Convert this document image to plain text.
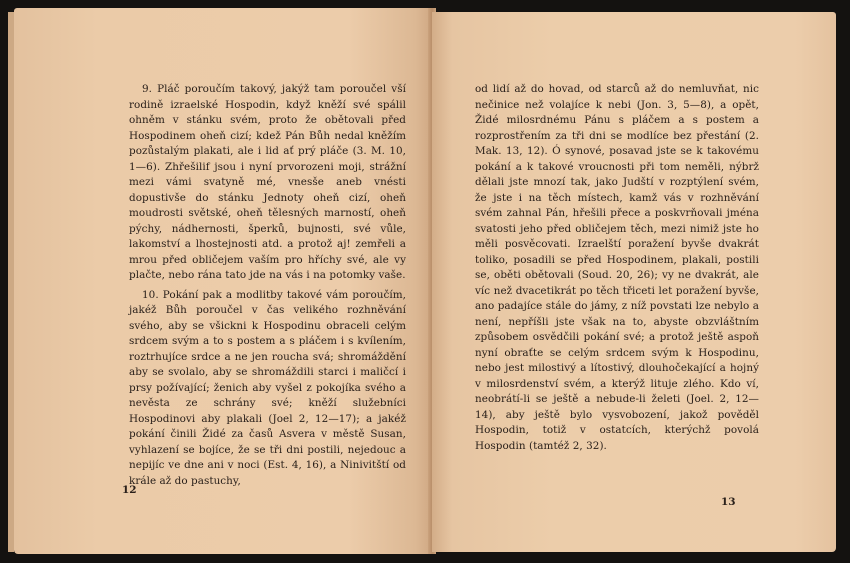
9. Pláč poroučím takový, jakýž tam poroučel vší rodině izraelské Hospodin, když kněží své spálil ohněm v stánku svém, proto že obětovali před Hospodinem oheň cizí; kdež Pán Bůh nedal kněžím pozůstalým plakati, ale i lid ať prý pláče (3. M. 10, 1—6). Zhřešilif jsou i nyní prvorozeni moji, strážní mezi vámi svatyně mé, vnesše aneb vnésti dopustivše do stánku Jednoty oheň cizí, oheň moudrosti světské, oheň tělesných marností, oheň pýchy, nádhernosti, šperků, bujnosti, své vůle, lakomství a lhostejnosti atd. a protož aj! zemřeli a mrou před obličejem vaším pro hříchy své, ale vy plačte, nebo rána tato jde na vás i na potomky vaše.

10. Pokání pak a modlitby takové vám poroučím, jakéž Bůh poroučel v čas velikého rozhněvání svého, aby se všickni k Hospodinu obraceli celým srdcem svým a to s postem a s pláčem i s kvílením, roztrhujíce srdce a ne jen roucha svá; shromáždění aby se svolalo, aby se shromáždili starci i maličcí i prsy požívající; ženich aby vyšel z pokojíka svého a nevěsta ze schrány své; kněží služebníci Hospodinovi aby plakali (Joel 2, 12—17); a jakéž pokání činili Židé za časů Asvera v městě Susan, vyhlazení se bojíce, že se tři dni postili, nejedouc a nepijíc ve dne ani v noci (Est. 4, 16), a Ninivitští od krále až do pastuchy,

12

od lidí až do hovad, od starců až do nemluvňat, nic nečinice než volajíce k nebi (Jon. 3, 5—8), a opět, Židé milosrdnému Pánu s pláčem a s postem a rozprostřením za tři dni se modlíce bez přestání (2. Mak. 13, 12). Ó synové, posavad jste se k takovému pokání a k takové vroucnosti při tom neměli, nýbrž dělali jste mnozí tak, jako Judští v rozptýlení svém, že jste i na těch místech, kamž vás v rozhněvání svém zahnal Pán, hřešili přece a poskvrňovali jména svatosti jeho před obličejem těch, mezi nimiž jste ho měli posvěcovati. Izraelští poražení byvše dvakrát toliko, posadili se před Hospodinem, plakali, postili se, oběti obětovali (Soud. 20, 26); vy ne dvakrát, ale víc než dvacetikrát po těch třiceti let poražení byvše, ano padajíce stále do jámy, z níž povstati lze nebylo a není, nepříšli jste však na to, abyste obzvláštním způsobem osvědčili pokání své; a protož ještě aspoň nyní obraťte se celým srdcem svým k Hospodinu, nebo jest milostivý a lítostivý, dlouhočekající a hojný v milosrdenství svém, a kterýž lituje zlého. Kdo ví, neobrátí-li se ještě a nebude-li želeti (Joel. 2, 12—14), aby ještě bylo vysvobození, jakož pověděl Hospodin, totiž v ostatcích, kterýchž povolá Hospodin (tamtéž 2, 32).

13
